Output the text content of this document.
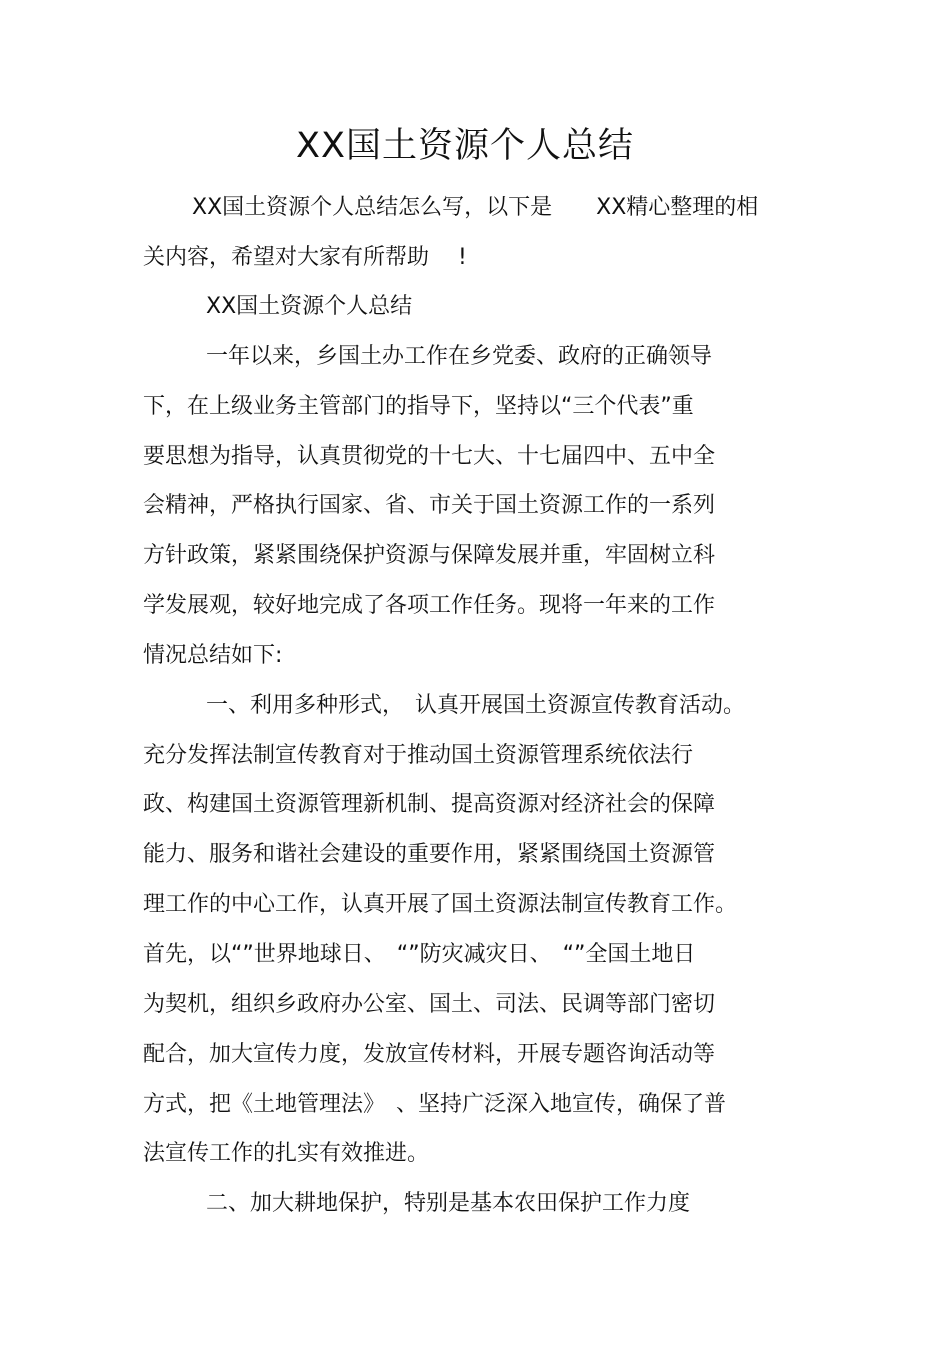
XX国土资源个人总结

XX国土资源个人总结怎么写，以下是　　XX精心整理的相

关内容，希望对大家有所帮助　 !

XX国土资源个人总结

一年以来，乡国土办工作在乡党委、政府的正确领导

下，在上级业务主管部门的指导下，坚持以“三个代表”重

要思想为指导，认真贯彻党的十七大、十七届四中、五中全

会精神，严格执行国家、省、市关于国土资源工作的一系列

方针政策，紧紧围绕保护资源与保障发展并重，牢固树立科

学发展观，较好地完成了各项工作任务。现将一年来的工作

情况总结如下:

一、利用多种形式，　认真开展国土资源宣传教育活动。

充分发挥法制宣传教育对于推动国土资源管理系统依法行

政、构建国土资源管理新机制、提高资源对经济社会的保障

能力、服务和谐社会建设的重要作用，紧紧围绕国土资源管

理工作的中心工作，认真开展了国土资源法制宣传教育工作。

首先，以“”世界地球日、　“”防灾减灾日、　“”全国土地日

为契机，组织乡政府办公室、国土、司法、民调等部门密切

配合，加大宣传力度，发放宣传材料，开展专题咨询活动等

方式，把《土地管理法》　、坚持广泛深入地宣传，确保了普

法宣传工作的扎实有效推进。

二、加大耕地保护，特别是基本农田保护工作力度
